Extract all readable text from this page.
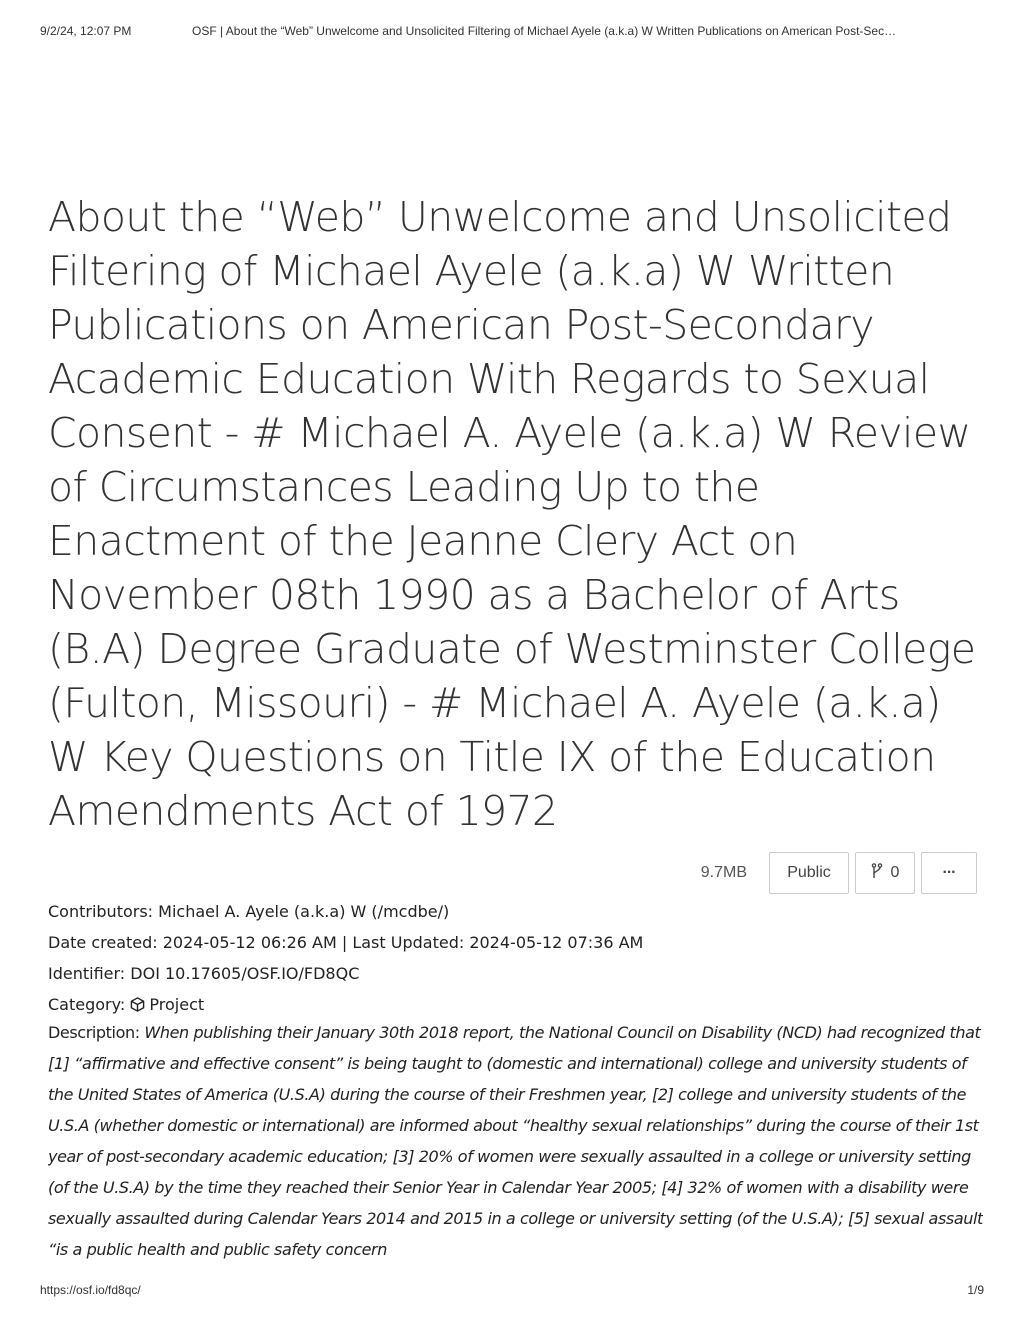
9/2/24, 12:07 PM	OSF | About the “Web” Unwelcome and Unsolicited Filtering of Michael Ayele (a.k.a) W Written Publications on American Post-Sec…
About the “Web” Unwelcome and Unsolicited Filtering of Michael Ayele (a.k.a) W Written Publications on American Post-Secondary Academic Education With Regards to Sexual Consent - # Michael A. Ayele (a.k.a) W Review of Circumstances Leading Up to the Enactment of the Jeanne Clery Act on November 08th 1990 as a Bachelor of Arts (B.A) Degree Graduate of Westminster College (Fulton, Missouri) - # Michael A. Ayele (a.k.a) W Key Questions on Title IX of the Education Amendments Act of 1972
9.7MB	Public	0	···
Contributors: Michael A. Ayele (a.k.a) W (/mcdbe/)
Date created: 2024-05-12 06:26 AM | Last Updated: 2024-05-12 07:36 AM
Identifier: DOI 10.17605/OSF.IO/FD8QC
Category: Project
Description: When publishing their January 30th 2018 report, the National Council on Disability (NCD) had recognized that [1] “affirmative and effective consent” is being taught to (domestic and international) college and university students of the United States of America (U.S.A) during the course of their Freshmen year, [2] college and university students of the U.S.A (whether domestic or international) are informed about “healthy sexual relationships” during the course of their 1st year of post-secondary academic education; [3] 20% of women were sexually assaulted in a college or university setting (of the U.S.A) by the time they reached their Senior Year in Calendar Year 2005; [4] 32% of women with a disability were sexually assaulted during Calendar Years 2014 and 2015 in a college or university setting (of the U.S.A); [5] sexual assault “is a public health and public safety concern
https://osf.io/fd8qc/	1/9
